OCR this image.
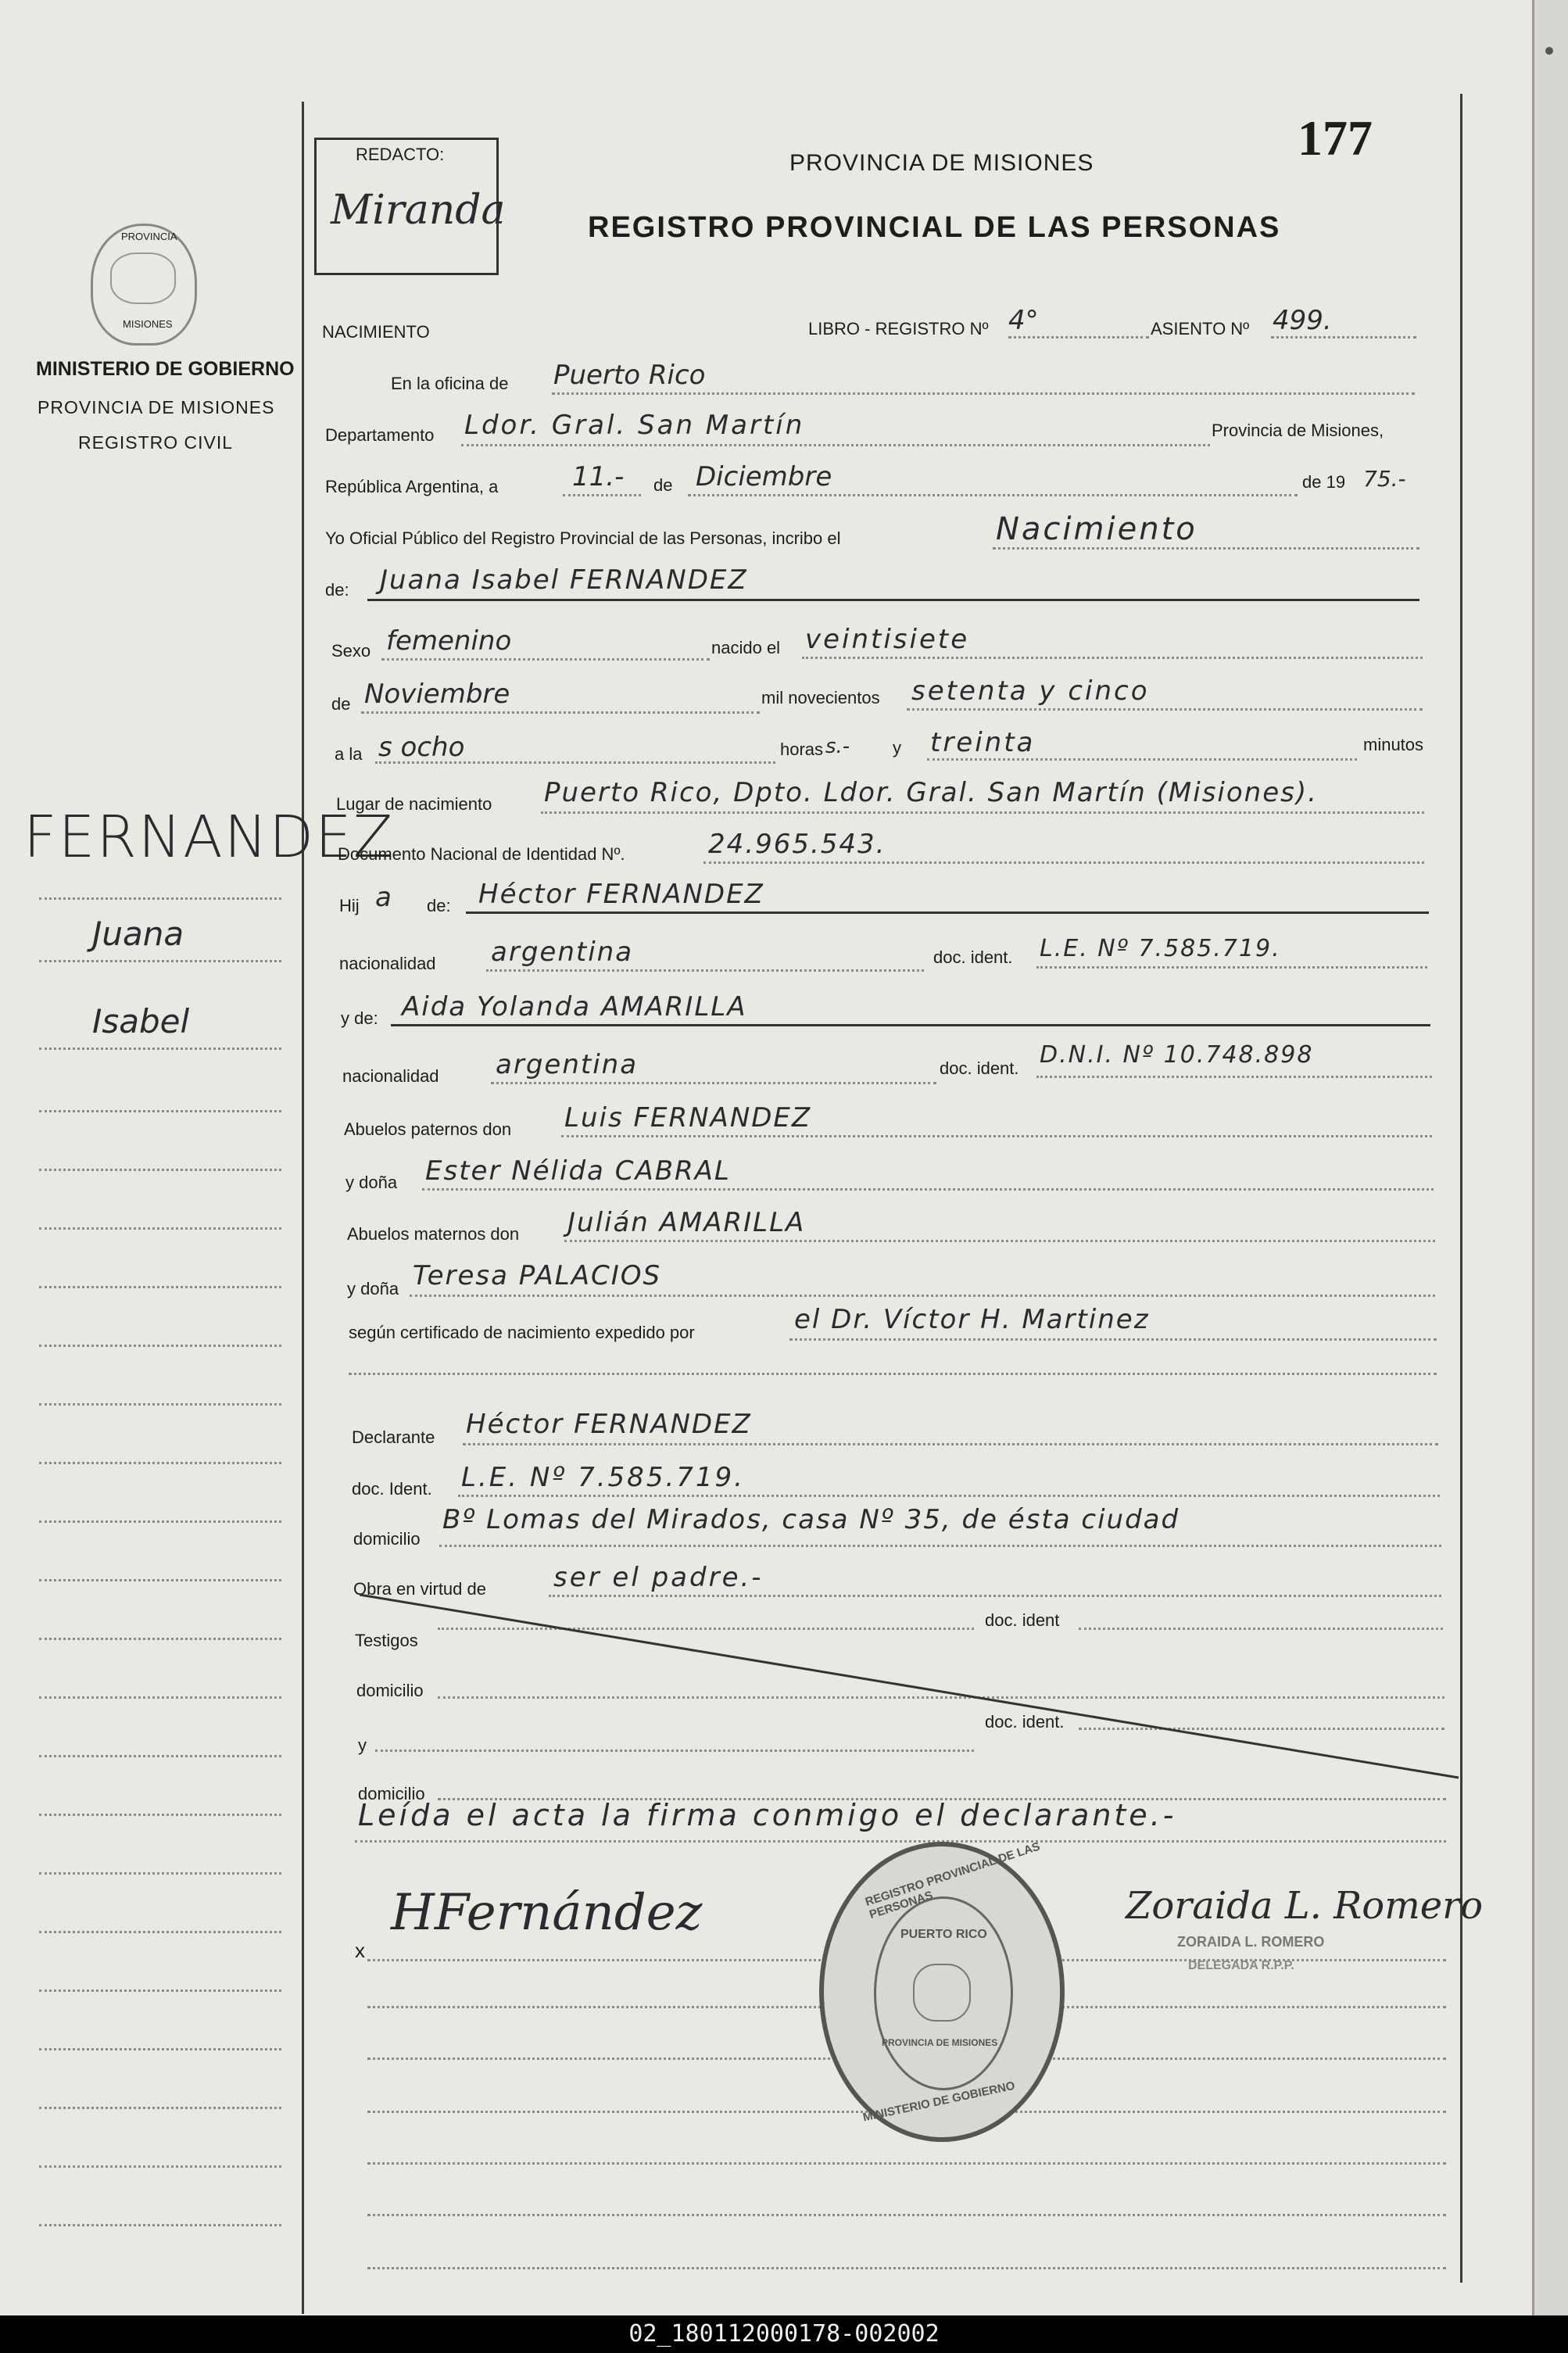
177
REDACTO:
Miranda
PROVINCIA DE MISIONES
REGISTRO PROVINCIAL DE LAS PERSONAS
PROVINCIA
MISIONES
MINISTERIO DE GOBIERNO
PROVINCIA DE MISIONES
REGISTRO CIVIL
FERNANDEZ
Juana
Isabel
NACIMIENTO	LIBRO - REGISTRO Nº 4°	ASIENTO Nº 499.
En la oficina de Puerto Rico
Departamento Ldor. Gral. San Martín	Provincia de Misiones,
República Argentina, a	11.- de Diciembre	de 19 75.-
Yo Oficial Público del Registro Provincial de las Personas, incribo el	Nacimiento
de: Juana Isabel FERNANDEZ
Sexo femenino	nacido el veintisiete
de Noviembre	mil novecientos setenta y cinco
a la s ocho	horas s.- y treinta	minutos
Lugar de nacimiento Puerto Rico, Dpto. Ldor. Gral. San Martín (Misiones).
Documento Nacional de Identidad Nº.	24.965.543.
Hij a de: Héctor FERNANDEZ
nacionalidad argentina	doc. ident. L.E. Nº 7.585.719.
y de: Aida Yolanda AMARILLA
nacionalidad argentina	doc. ident. D.N.I. Nº 10.748.898
Abuelos paternos don Luis FERNANDEZ
y doña Ester Nélida CABRAL
Abuelos maternos don Julián AMARILLA
y doña Teresa PALACIOS
según certificado de nacimiento expedido por	el Dr. Víctor H. Martinez
Declarante Héctor FERNANDEZ
doc. Ident. L.E. Nº 7.585.719.
domicilio
Bº Lomas del Mirados, casa Nº 35, de ésta ciudad
Obra en virtud de	ser el padre.-
doc. ident
Testigos
domicilio
doc. ident.
y
domicilio
Leída el acta la firma conmigo el declarante.-
x
HFernández	Zoraida L. Romero
ZORAIDA L. ROMERO
DELEGADA R.P.P.
REGISTRO PROVINCIAL DE LAS PERSONAS
PUERTO RICO
PROVINCIA DE MISIONES
MINISTERIO DE GOBIERNO
02_180112000178-002002
